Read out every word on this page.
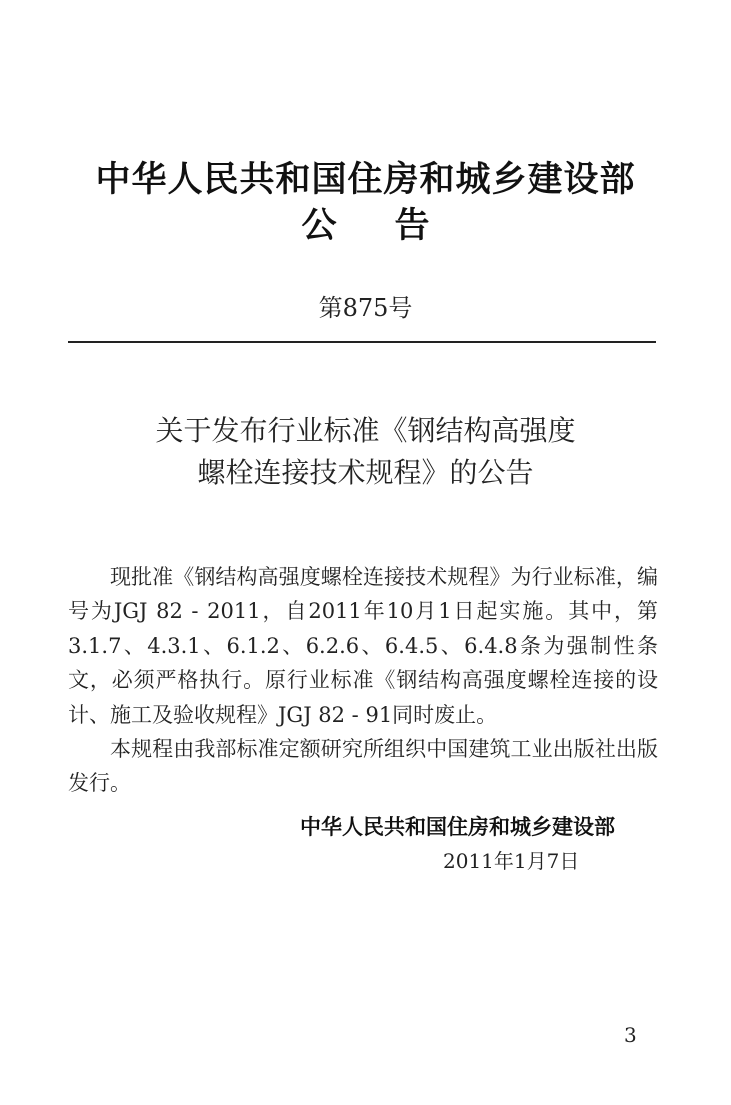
中华人民共和国住房和城乡建设部
公告
第875号
关于发布行业标准《钢结构高强度
螺栓连接技术规程》的公告

现批准《钢结构高强度螺栓连接技术规程》为行业标准，编号为JGJ 82 - 2011，自2011年10月1日起实施。其中，第3.1.7、4.3.1、6.1.2、6.2.6、6.4.5、6.4.8条为强制性条文，必须严格执行。原行业标准《钢结构高强度螺栓连接的设计、施工及验收规程》JGJ 82 - 91同时废止。

本规程由我部标准定额研究所组织中国建筑工业出版社出版发行。

中华人民共和国住房和城乡建设部
2011年1月7日
3
